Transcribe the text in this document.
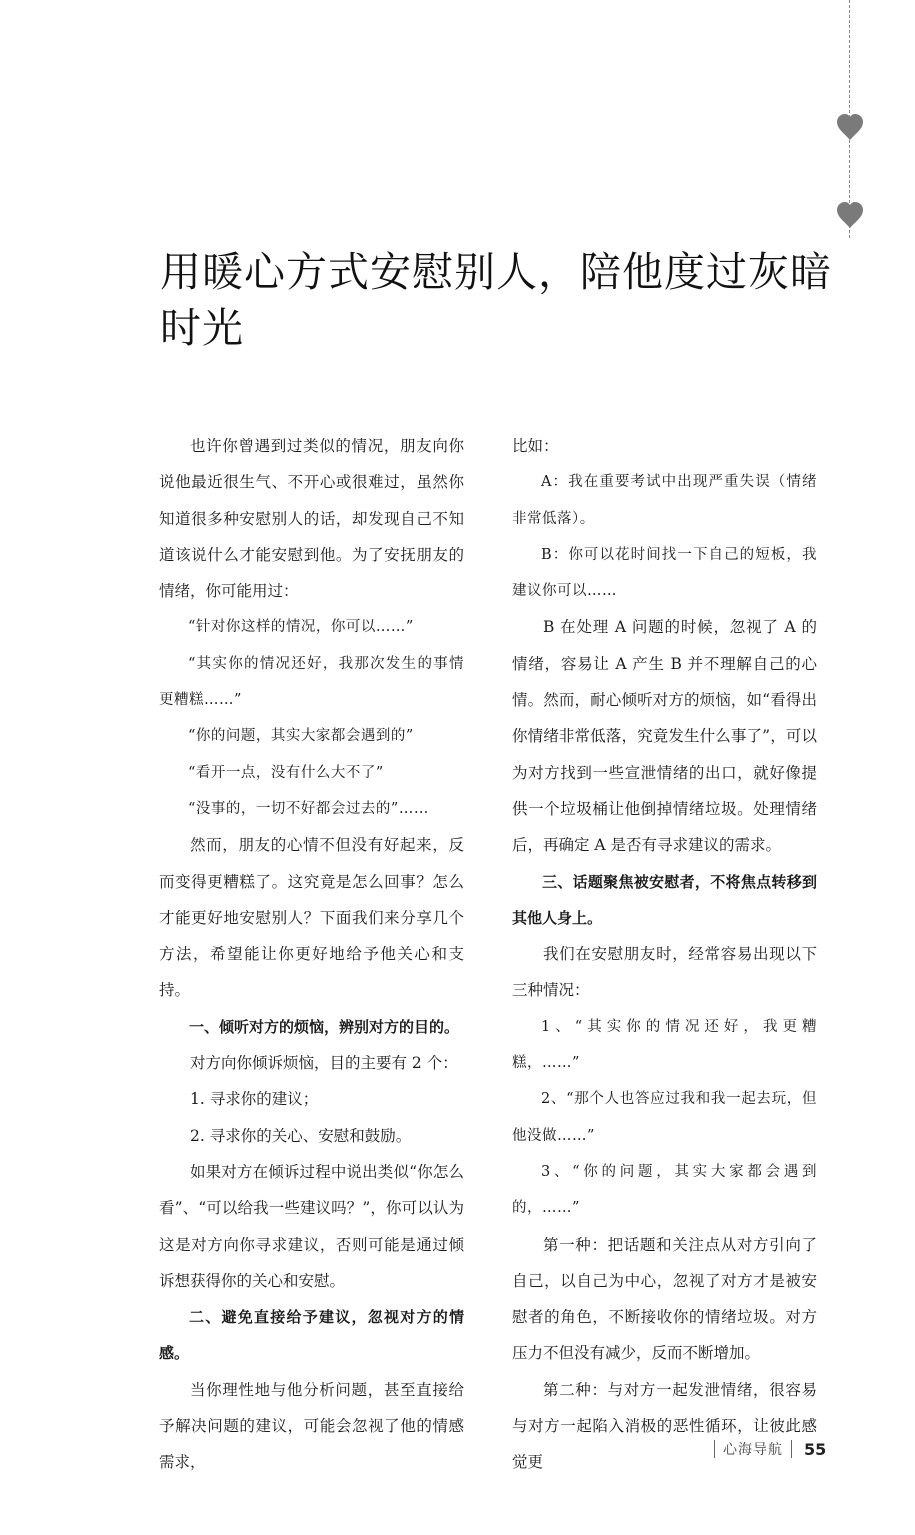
用暖心方式安慰别人，陪他度过灰暗时光

也许你曾遇到过类似的情况，朋友向你说他最近很生气、不开心或很难过，虽然你知道很多种安慰别人的话，却发现自己不知道该说什么才能安慰到他。为了安抚朋友的情绪，你可能用过：

“针对你这样的情况，你可以……”

“其实你的情况还好，我那次发生的事情更糟糕……”

“你的问题，其实大家都会遇到的”

“看开一点，没有什么大不了”

“没事的，一切不好都会过去的”……

然而，朋友的心情不但没有好起来，反而变得更糟糕了。这究竟是怎么回事？怎么才能更好地安慰别人？下面我们来分享几个方法，希望能让你更好地给予他关心和支持。

一、倾听对方的烦恼，辨别对方的目的。

对方向你倾诉烦恼，目的主要有 2 个：

1. 寻求你的建议；

2. 寻求你的关心、安慰和鼓励。

如果对方在倾诉过程中说出类似“你怎么看”、“可以给我一些建议吗？”，你可以认为这是对方向你寻求建议，否则可能是通过倾诉想获得你的关心和安慰。

二、避免直接给予建议，忽视对方的情感。

当你理性地与他分析问题，甚至直接给予解决问题的建议，可能会忽视了他的情感需求，

比如：

A：我在重要考试中出现严重失误（情绪非常低落）。

B：你可以花时间找一下自己的短板，我建议你可以……

B 在处理 A 问题的时候，忽视了 A 的情绪，容易让 A 产生 B 并不理解自己的心情。然而，耐心倾听对方的烦恼，如“看得出你情绪非常低落，究竟发生什么事了”，可以为对方找到一些宣泄情绪的出口，就好像提供一个垃圾桶让他倒掉情绪垃圾。处理情绪后，再确定 A 是否有寻求建议的需求。

三、话题聚焦被安慰者，不将焦点转移到其他人身上。

我们在安慰朋友时，经常容易出现以下三种情况：

1、“其实你的情况还好，我更糟糕，……”

2、“那个人也答应过我和我一起去玩，但他没做……”

3、“你的问题，其实大家都会遇到的，……”

第一种：把话题和关注点从对方引向了自己，以自己为中心，忽视了对方才是被安慰者的角色，不断接收你的情绪垃圾。对方压力不但没有减少，反而不断增加。

第二种：与对方一起发泄情绪，很容易与对方一起陷入消极的恶性循环，让彼此感觉更

心海导航 55
